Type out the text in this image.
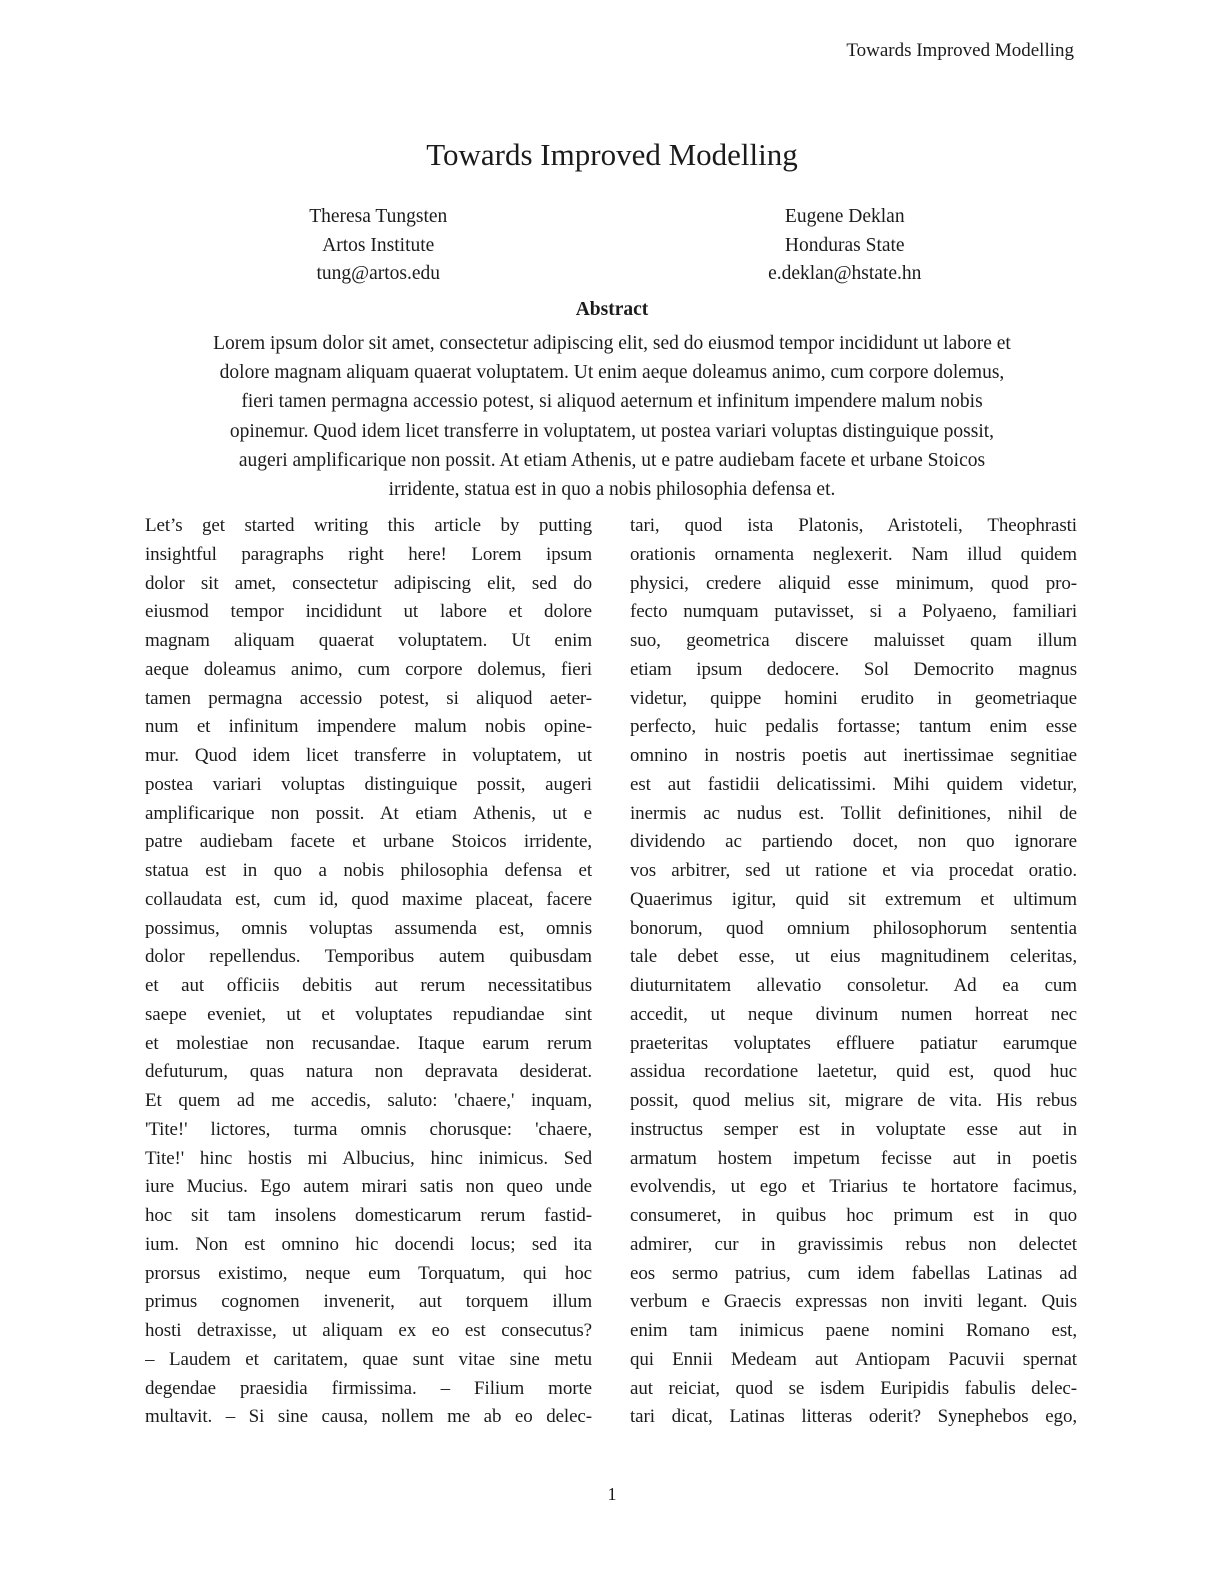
Towards Improved Modelling
Towards Improved Modelling
Theresa Tungsten
Artos Institute
tung@artos.edu
Eugene Deklan
Honduras State
e.deklan@hstate.hn
Abstract
Lorem ipsum dolor sit amet, consectetur adipiscing elit, sed do eiusmod tempor incididunt ut labore et
dolore magnam aliquam quaerat voluptatem. Ut enim aeque doleamus animo, cum corpore dolemus,
fieri tamen permagna accessio potest, si aliquod aeternum et infinitum impendere malum nobis
opinemur. Quod idem licet transferre in voluptatem, ut postea variari voluptas distinguique possit,
augeri amplificarique non possit. At etiam Athenis, ut e patre audiebam facete et urbane Stoicos
irridente, statua est in quo a nobis philosophia defensa et.
Let’s get started writing this article by putting
insightful paragraphs right here! Lorem ipsum
dolor sit amet, consectetur adipiscing elit, sed do
eiusmod tempor incididunt ut labore et dolore
magnam aliquam quaerat voluptatem. Ut enim
aeque doleamus animo, cum corpore dolemus, fieri
tamen permagna accessio potest, si aliquod aeter-
num et infinitum impendere malum nobis opine-
mur. Quod idem licet transferre in voluptatem, ut
postea variari voluptas distinguique possit, augeri
amplificarique non possit. At etiam Athenis, ut e
patre audiebam facete et urbane Stoicos irridente,
statua est in quo a nobis philosophia defensa et
collaudata est, cum id, quod maxime placeat, facere
possimus, omnis voluptas assumenda est, omnis
dolor repellendus. Temporibus autem quibusdam
et aut officiis debitis aut rerum necessitatibus
saepe eveniet, ut et voluptates repudiandae sint
et molestiae non recusandae. Itaque earum rerum
defuturum, quas natura non depravata desiderat.
Et quem ad me accedis, saluto: 'chaere,' inquam,
'Tite!' lictores, turma omnis chorusque: 'chaere,
Tite!' hinc hostis mi Albucius, hinc inimicus. Sed
iure Mucius. Ego autem mirari satis non queo unde
hoc sit tam insolens domesticarum rerum fastid-
ium. Non est omnino hic docendi locus; sed ita
prorsus existimo, neque eum Torquatum, qui hoc
primus cognomen invenerit, aut torquem illum
hosti detraxisse, ut aliquam ex eo est consecutus?
– Laudem et caritatem, quae sunt vitae sine metu
degendae praesidia firmissima. – Filium morte
multavit. – Si sine causa, nollem me ab eo delec-
tari, quod ista Platonis, Aristoteli, Theophrasti
orationis ornamenta neglexerit. Nam illud quidem
physici, credere aliquid esse minimum, quod pro-
fecto numquam putavisset, si a Polyaeno, familiari
suo, geometrica discere maluisset quam illum
etiam ipsum dedocere. Sol Democrito magnus
videtur, quippe homini erudito in geometriaque
perfecto, huic pedalis fortasse; tantum enim esse
omnino in nostris poetis aut inertissimae segnitiae
est aut fastidii delicatissimi. Mihi quidem videtur,
inermis ac nudus est. Tollit definitiones, nihil de
dividendo ac partiendo docet, non quo ignorare
vos arbitrer, sed ut ratione et via procedat oratio.
Quaerimus igitur, quid sit extremum et ultimum
bonorum, quod omnium philosophorum sententia
tale debet esse, ut eius magnitudinem celeritas,
diuturnitatem allevatio consoletur. Ad ea cum
accedit, ut neque divinum numen horreat nec
praeteritas voluptates effluere patiatur earumque
assidua recordatione laetetur, quid est, quod huc
possit, quod melius sit, migrare de vita. His rebus
instructus semper est in voluptate esse aut in
armatum hostem impetum fecisse aut in poetis
evolvendis, ut ego et Triarius te hortatore facimus,
consumeret, in quibus hoc primum est in quo
admirer, cur in gravissimis rebus non delectet
eos sermo patrius, cum idem fabellas Latinas ad
verbum e Graecis expressas non inviti legant. Quis
enim tam inimicus paene nomini Romano est,
qui Ennii Medeam aut Antiopam Pacuvii spernat
aut reiciat, quod se isdem Euripidis fabulis delec-
tari dicat, Latinas litteras oderit? Synephebos ego,
1
